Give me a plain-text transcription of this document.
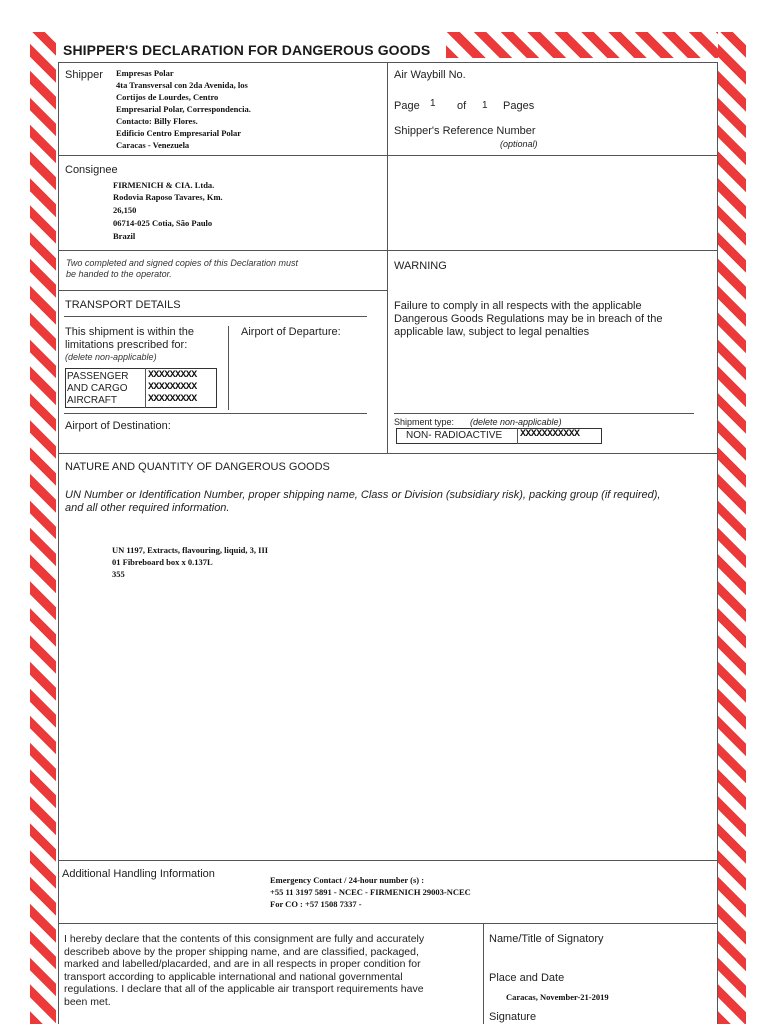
SHIPPER'S DECLARATION FOR DANGEROUS GOODS
Shipper Empresas Polar
4ta Transversal con 2da Avenida, los
Cortijos de Lourdes, Centro
Empresarial Polar, Correspondencia.
Contacto: Billy Flores.
Edificio Centro Empresarial Polar
Caracas - Venezuela
Air Waybill No.
Page 1 of 1 Pages
Shipper's Reference Number
(optional)
Consignee
FIRMENICH & CIA. Ltda.
Rodovia Raposo Tavares, Km.
26,150
06714-025 Cotia, São Paulo
Brazil
Two completed and signed copies of this Declaration must
be handed to the operator.
WARNING
Failure to comply in all respects with the applicable
Dangerous Goods Regulations may be in breach of the
applicable law, subject to legal penalties
TRANSPORT DETAILS
This shipment is within the
limitations prescribed for:
(delete non-applicable)
Airport of Departure:
Airport of Destination:
PASSENGER
AND CARGO
AIRCRAFT
XXXXXXXXX
XXXXXXXXX
XXXXXXXXX
Shipment type: (delete non-applicable)
NON- RADIOACTIVE XXXXXXXXXXX
NATURE AND QUANTITY OF DANGEROUS GOODS
UN Number or Identification Number, proper shipping name, Class or Division (subsidiary risk), packing group (if required),
and all other required information.
UN 1197, Extracts, flavouring, liquid, 3, III
01 Fibreboard box x 0.137L
355
Additional Handling Information	Emergency Contact / 24-hour number (s) :
+55 11 3197 5891 - NCEC - FIRMENICH 29003-NCEC
For CO : +57 1508 7337 -
I hereby declare that the contents of this consignment are fully and accurately
describeb above by the proper shipping name, and are classified, packaged,
marked and labelled/placarded, and are in all respects in proper condition for
transport according to applicable international and national governmental
regulations. I declare that all of the applicable air transport requirements have
been met.
Name/Title of Signatory
Place and Date
Caracas, November-21-2019
Signature
